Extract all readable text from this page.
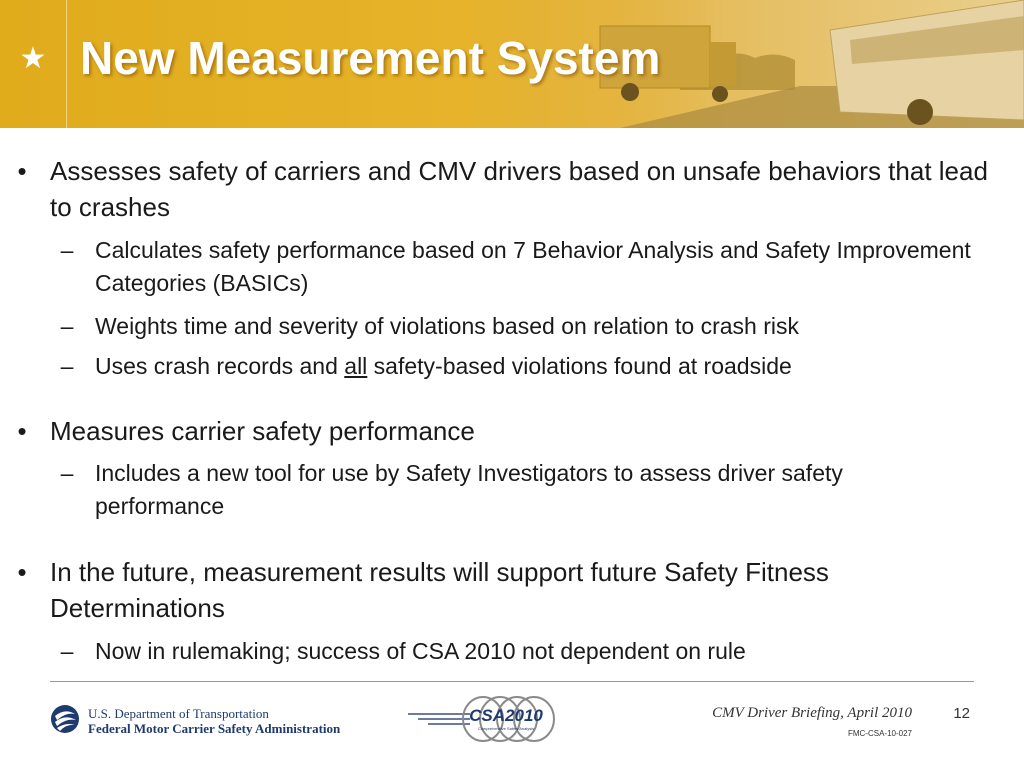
★ New Measurement System
• Assesses safety of carriers and CMV drivers based on unsafe behaviors that lead to crashes
– Calculates safety performance based on 7 Behavior Analysis and Safety Improvement Categories (BASICs)
– Weights time and severity of violations based on relation to crash risk
– Uses crash records and all safety-based violations found at roadside
• Measures carrier safety performance
– Includes a new tool for use by Safety Investigators to assess driver safety performance
• In the future, measurement results will support future Safety Fitness Determinations
– Now in rulemaking; success of CSA 2010 not dependent on rule
U.S. Department of Transportation
Federal Motor Carrier Safety Administration
CSA2010
Comprehensive Safety Analysis
CMV Driver Briefing, April 2010	12
FMC-CSA-10-027
